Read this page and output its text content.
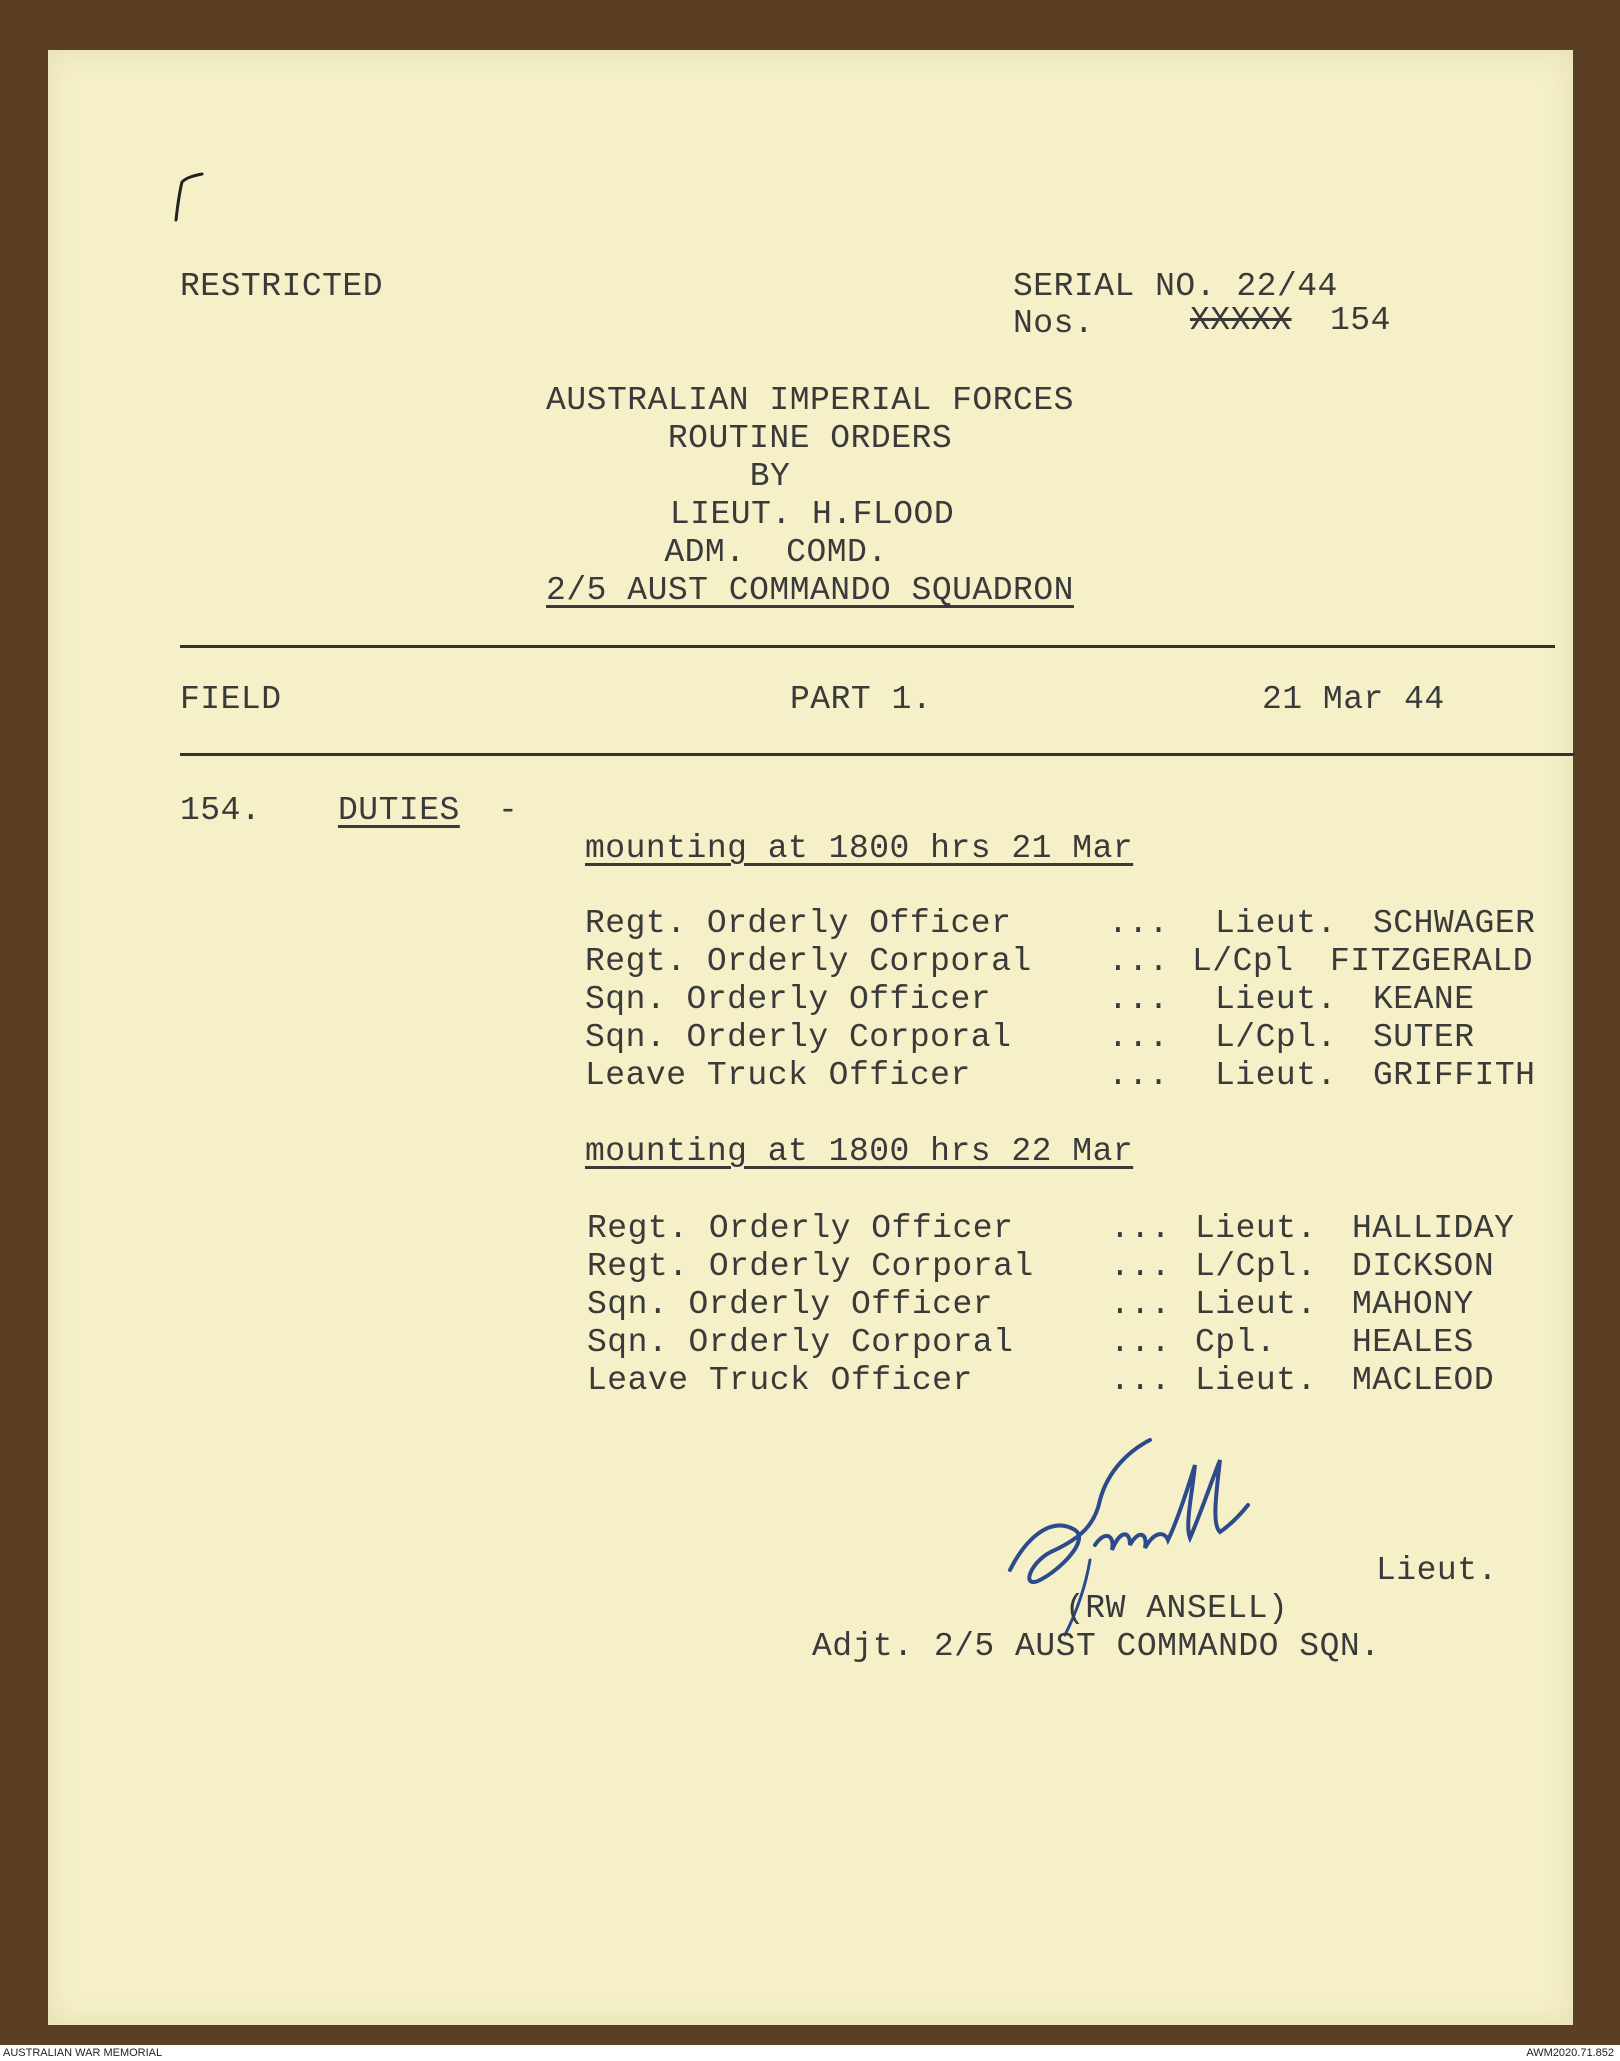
RESTRICTED	SERIAL NO. 22/44
Nos.	XXXXX 154
AUSTRALIAN IMPERIAL FORCES
ROUTINE ORDERS
BY
LIEUT. H.FLOOD
ADM.  COMD.
2/5 AUST COMMANDO SQUADRON
FIELD	PART 1.	21 Mar 44
154. DUTIES -
mounting at 1800 hrs 21 Mar
Regt. Orderly Officer	... Lieut. SCHWAGER
Regt. Orderly Corporal ... L/Cpl FITZGERALD
Sqn. Orderly Officer	... Lieut. KEANE
Sqn. Orderly Corporal	... L/Cpl. SUTER
Leave Truck Officer	... Lieut. GRIFFITH
mounting at 1800 hrs 22 Mar
Regt. Orderly Officer	... Lieut. HALLIDAY
Regt. Orderly Corporal ... L/Cpl. DICKSON
Sqn. Orderly Officer	... Lieut. MAHONY
Sqn. Orderly Corporal	... Cpl. HEALES
Leave Truck Officer	... Lieut. MACLEOD
Lieut.
(RW ANSELL)
Adjt. 2/5 AUST COMMANDO SQN.
AUSTRALIAN WAR MEMORIAL	AWM2020.71.852
